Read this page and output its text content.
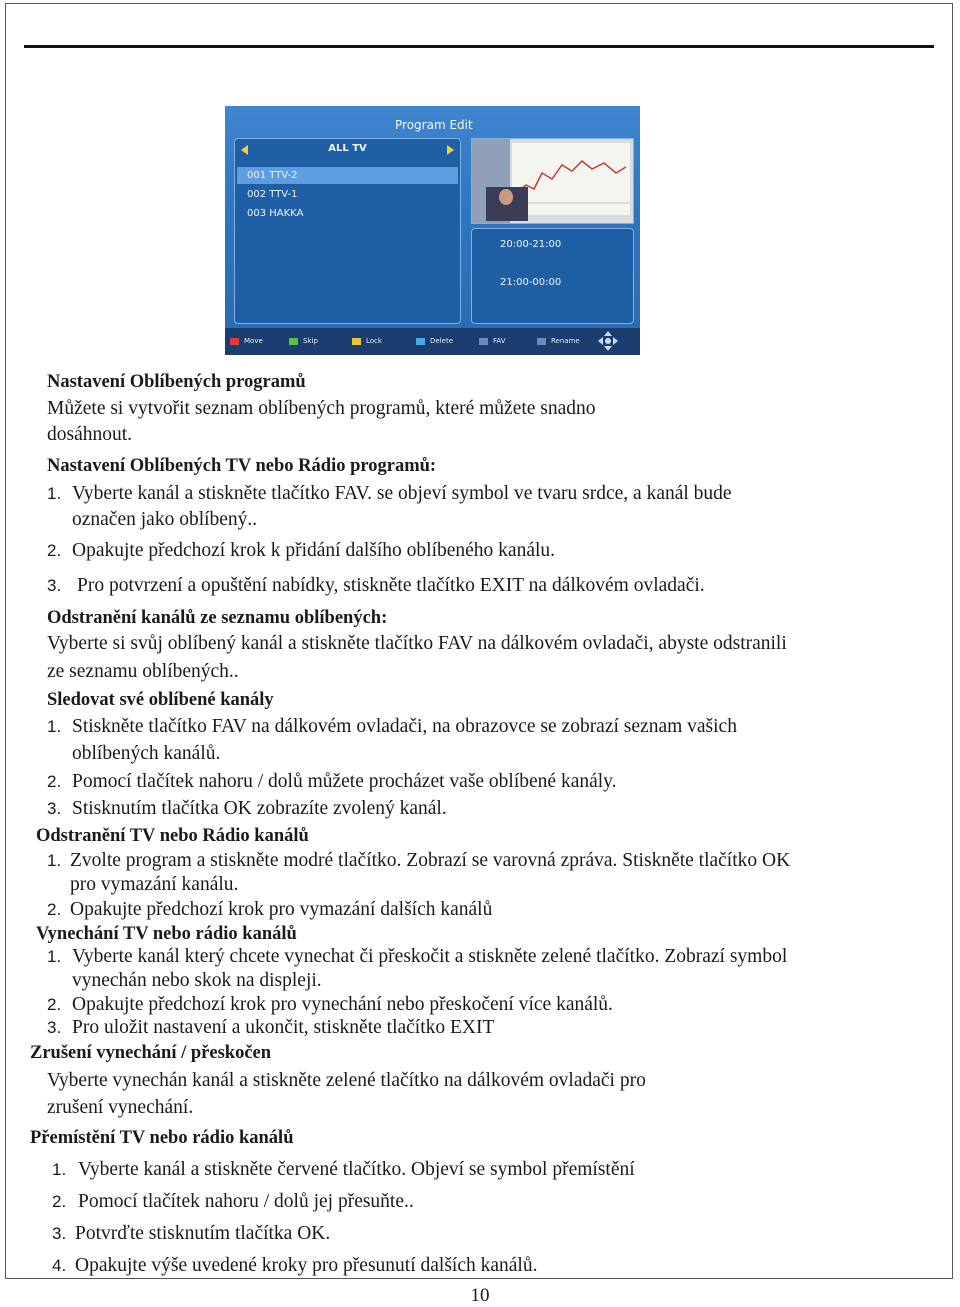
Program Edit
ALL TV
001 TTV-2
002 TTV-1
003 HAKKA
20:00-21:00
21:00-00:00
Move	Skip	Lock	Delete	FAV	Rename
Nastavení Oblíbených programů
Můžete si vytvořit seznam oblíbených programů, které můžete snadno
dosáhnout.
Nastavení Oblíbených TV nebo Rádio programů:
1. Vyberte kanál a stiskněte tlačítko FAV. se objeví symbol ve tvaru srdce, a kanál bude
označen jako oblíbený..
2. Opakujte předchozí krok k přidání dalšího oblíbeného kanálu.
3. Pro potvrzení a opuštění nabídky, stiskněte tlačítko EXIT na dálkovém ovladači.
Odstranění kanálů ze seznamu oblíbených:
Vyberte si svůj oblíbený kanál a stiskněte tlačítko FAV na dálkovém ovladači, abyste odstranili
ze seznamu oblíbených..
Sledovat své oblíbené kanály
1. Stiskněte tlačítko FAV na dálkovém ovladači, na obrazovce se zobrazí seznam vašich
oblíbených kanálů.
2. Pomocí tlačítek nahoru / dolů můžete procházet vaše oblíbené kanály.
3. Stisknutím tlačítka OK zobrazíte zvolený kanál.
Odstranění TV nebo Rádio kanálů
1. Zvolte program a stiskněte modré tlačítko. Zobrazí se varovná zpráva. Stiskněte tlačítko OK
pro vymazání kanálu.
2. Opakujte předchozí krok pro vymazání dalších kanálů
Vynechání TV nebo rádio kanálů
1. Vyberte kanál který chcete vynechat či přeskočit a stiskněte zelené tlačítko. Zobrazí symbol
vynechán nebo skok na displeji.
2. Opakujte předchozí krok pro vynechání nebo přeskočení více kanálů.
3. Pro uložit nastavení a ukončit, stiskněte tlačítko EXIT
Zrušení vynechání / přeskočen
Vyberte vynechán kanál a stiskněte zelené tlačítko na dálkovém ovladači pro
zrušení vynechání.
Přemístění TV nebo rádio kanálů
1. Vyberte kanál a stiskněte červené tlačítko. Objeví se symbol přemístění
2. Pomocí tlačítek nahoru / dolů jej přesuňte..
3. Potvrďte stisknutím tlačítka OK.
4. Opakujte výše uvedené kroky pro přesunutí dalších kanálů.
10
